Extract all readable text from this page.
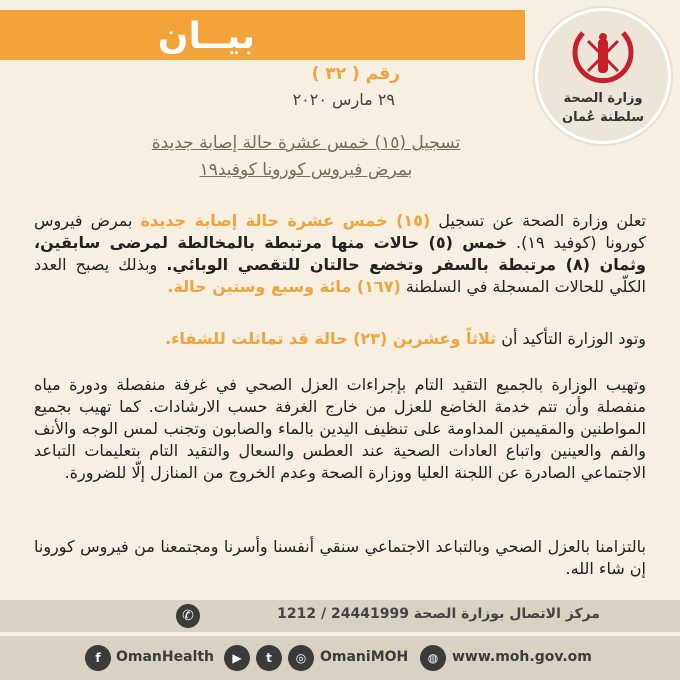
بيــان
رقم ( ٣٢ )
٢٩ مارس ٢٠٢٠	وزارة الصحة
سلطنة عُمان
تسجيل (١٥) خمس عشرة حالة إصابة جديدة
بمرض فيروس كورونا كوفيد١٩
تعلن وزارة الصحة عن تسجيل (١٥) خمس عشرة حالة إصابة جديدة بمرض فيروس كورونا (كوفيد ١٩). خمس (٥) حالات منها مرتبطة بالمخالطة لمرضى سابقين، وثمان (٨) مرتبطة بالسفر وتخضع حالتان للتقصي الوبائي. وبذلك يصبح العدد الكلّي للحالات المسجلة في السلطنة (١٦٧) مائة وسبع وستين حالة.
وتود الوزارة التأكيد أن ثلاثاً وعشرين (٢٣) حالة قد تماثلت للشفاء.
وتهيب الوزارة بالجميع التقيد التام بإجراءات العزل الصحي في غرفة منفصلة ودورة مياه منفصلة وأن تتم خدمة الخاضع للعزل من خارج الغرفة حسب الارشادات. كما تهيب بجميع المواطنين والمقيمين المداومة على تنظيف اليدين بالماء والصابون وتجنب لمس الوجه والأنف والفم والعينين واتباع العادات الصحية عند العطس والسعال والتقيد التام بتعليمات التباعد الاجتماعي الصادرة عن اللجنة العليا ووزارة الصحة وعدم الخروج من المنازل إلّا للضرورة.
بالتزامنا بالعزل الصحي وبالتباعد الاجتماعي سنقي أنفسنا وأسرنا ومجتمعنا من فيروس كورونا إن شاء الله.
مركز الاتصال بوزارة الصحة 24441999 / 1212
✆
f	OmanHealth	▶	t	◎ OmaniMOH	◍ www.moh.gov.om
